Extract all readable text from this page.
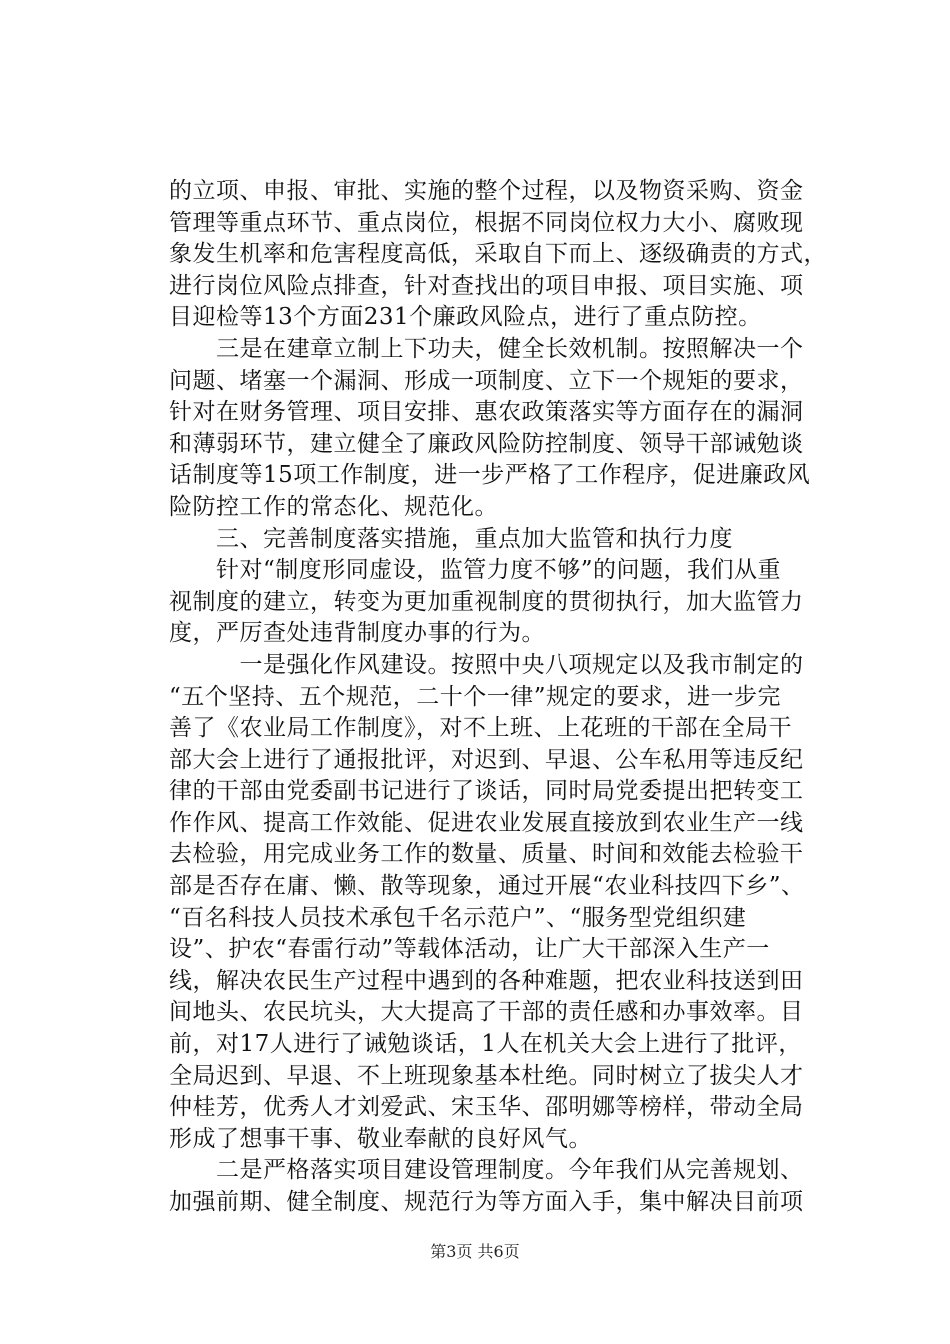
的立项、申报、审批、实施的整个过程，以及物资采购、资金
管理等重点环节、重点岗位，根据不同岗位权力大小、腐败现
象发生机率和危害程度高低，采取自下而上、逐级确责的方式，
进行岗位风险点排查，针对查找出的项目申报、项目实施、项
目迎检等13个方面231个廉政风险点，进行了重点防控。
　　三是在建章立制上下功夫，健全长效机制。按照解决一个
问题、堵塞一个漏洞、形成一项制度、立下一个规矩的要求，
针对在财务管理、项目安排、惠农政策落实等方面存在的漏洞
和薄弱环节，建立健全了廉政风险防控制度、领导干部诫勉谈
话制度等15项工作制度，进一步严格了工作程序，促进廉政风
险防控工作的常态化、规范化。
　　三、完善制度落实措施，重点加大监管和执行力度
　　针对“制度形同虚设，监管力度不够”的问题，我们从重
视制度的建立，转变为更加重视制度的贯彻执行，加大监管力
度，严厉查处违背制度办事的行为。
　　　一是强化作风建设。按照中央八项规定以及我市制定的
“五个坚持、五个规范，二十个一律”规定的要求，进一步完
善了《农业局工作制度》，对不上班、上花班的干部在全局干
部大会上进行了通报批评，对迟到、早退、公车私用等违反纪
律的干部由党委副书记进行了谈话，同时局党委提出把转变工
作作风、提高工作效能、促进农业发展直接放到农业生产一线
去检验，用完成业务工作的数量、质量、时间和效能去检验干
部是否存在庸、懒、散等现象，通过开展“农业科技四下乡”、
“百名科技人员技术承包千名示范户”、“服务型党组织建
设”、护农“春雷行动”等载体活动，让广大干部深入生产一
线，解决农民生产过程中遇到的各种难题，把农业科技送到田
间地头、农民坑头，大大提高了干部的责任感和办事效率。目
前，对17人进行了诫勉谈话，1人在机关大会上进行了批评，
全局迟到、早退、不上班现象基本杜绝。同时树立了拔尖人才
仲桂芳，优秀人才刘爱武、宋玉华、邵明娜等榜样，带动全局
形成了想事干事、敬业奉献的良好风气。
　　二是严格落实项目建设管理制度。今年我们从完善规划、
加强前期、健全制度、规范行为等方面入手，集中解决目前项
第3页 共6页
